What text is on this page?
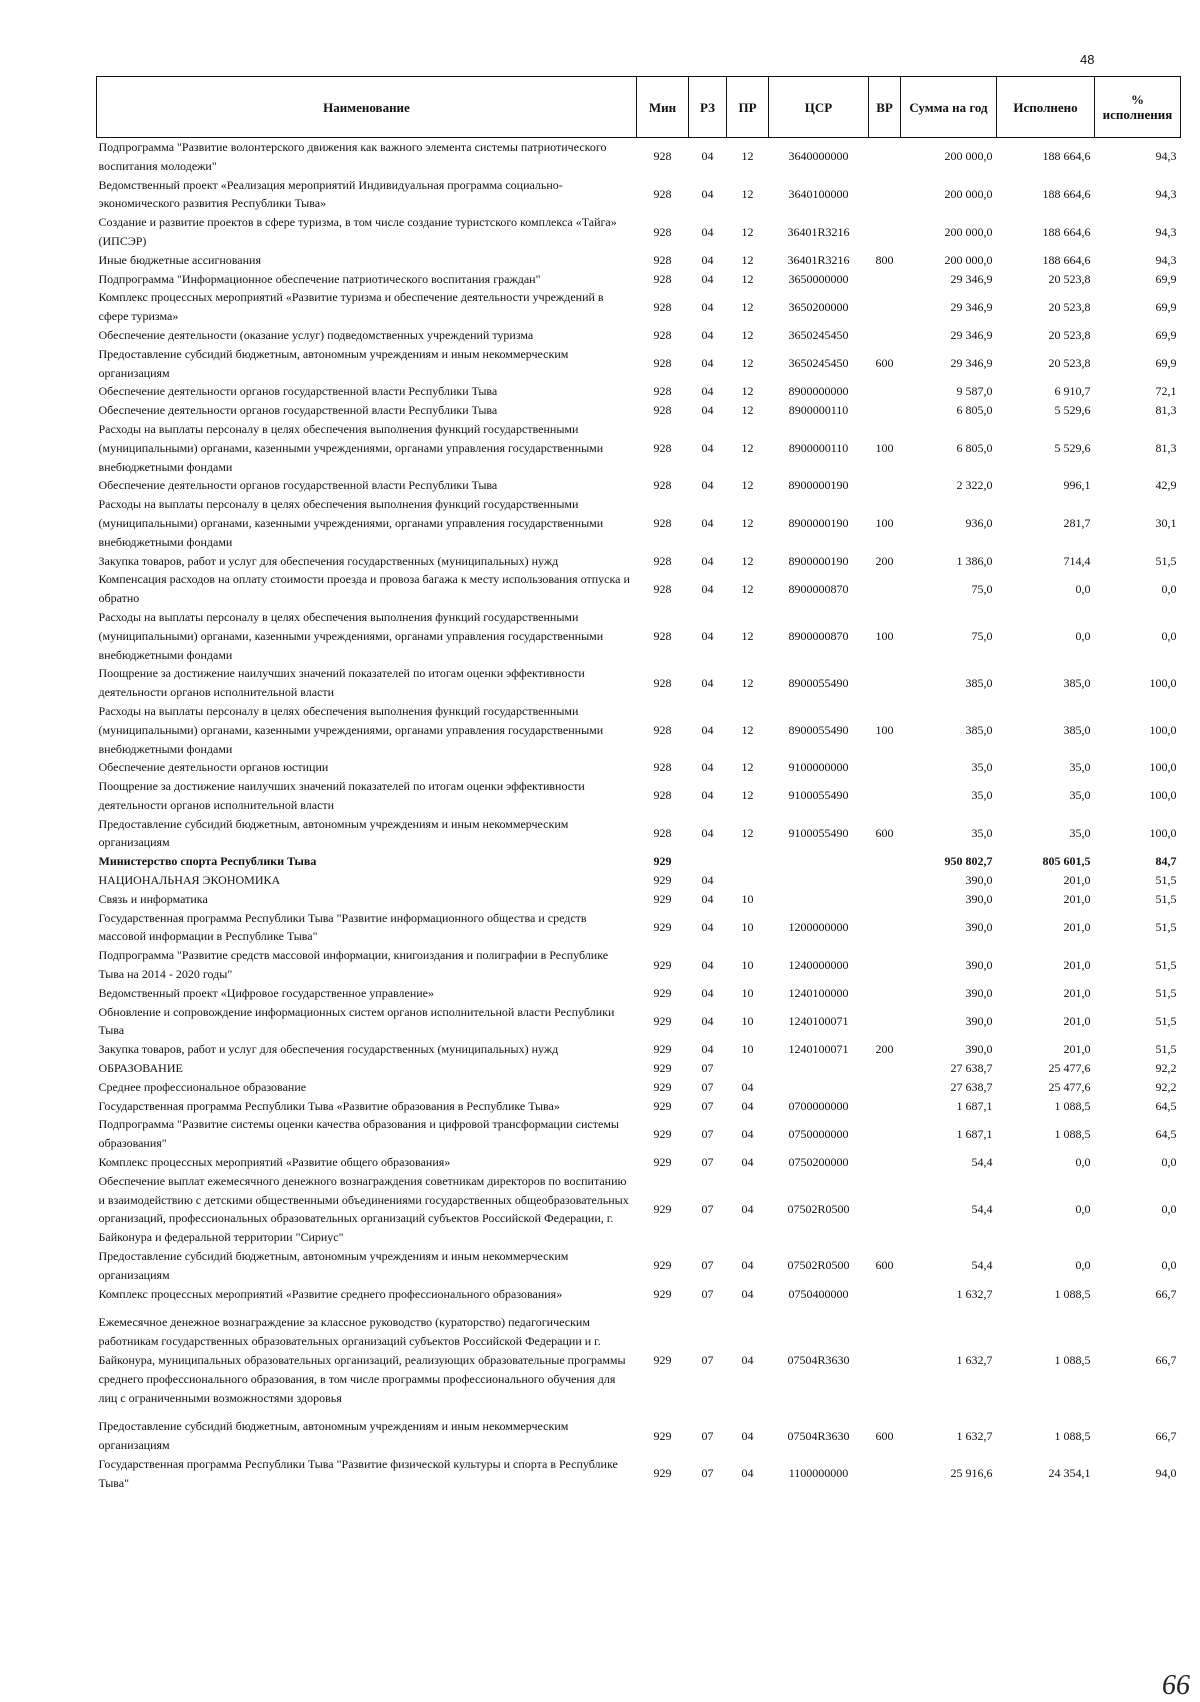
48
Наименование	Мин	РЗ	ПР	ЦСР	ВР	Сумма на год	Исполнено	% исполнения
Подпрограмма "Развитие волонтерского движения как важного элемента системы патриотического воспитания молодежи"	928	04	12	3640000000		200 000,0	188 664,6	94,3
Ведомственный проект «Реализация мероприятий Индивидуальная программа социально-экономического развития Республики Тыва»	928	04	12	3640100000		200 000,0	188 664,6	94,3
Создание и развитие проектов в сфере туризма, в том числе создание туристского комплекса «Тайга» (ИПСЭР)	928	04	12	36401R3216		200 000,0	188 664,6	94,3
Иные бюджетные ассигнования	928	04	12	36401R3216	800	200 000,0	188 664,6	94,3
Подпрограмма "Информационное обеспечение патриотического воспитания граждан"	928	04	12	3650000000		29 346,9	20 523,8	69,9
Комплекс процессных мероприятий «Развитие туризма и обеспечение деятельности учреждений в сфере туризма»	928	04	12	3650200000		29 346,9	20 523,8	69,9
Обеспечение деятельности (оказание услуг) подведомственных учреждений туризма	928	04	12	3650245450		29 346,9	20 523,8	69,9
Предоставление субсидий бюджетным, автономным учреждениям и иным некоммерческим организациям	928	04	12	3650245450	600	29 346,9	20 523,8	69,9
Обеспечение деятельности органов государственной власти Республики Тыва	928	04	12	8900000000		9 587,0	6 910,7	72,1
Обеспечение деятельности органов государственной власти Республики Тыва	928	04	12	8900000110		6 805,0	5 529,6	81,3
Расходы на выплаты персоналу в целях обеспечения выполнения функций государственными (муниципальными) органами, казенными учреждениями, органами управления государственными внебюджетными фондами	928	04	12	8900000110	100	6 805,0	5 529,6	81,3
Обеспечение деятельности органов государственной власти Республики Тыва	928	04	12	8900000190		2 322,0	996,1	42,9
Расходы на выплаты персоналу в целях обеспечения выполнения функций государственными (муниципальными) органами, казенными учреждениями, органами управления государственными внебюджетными фондами	928	04	12	8900000190	100	936,0	281,7	30,1
Закупка товаров, работ и услуг для обеспечения государственных (муниципальных) нужд	928	04	12	8900000190	200	1 386,0	714,4	51,5
Компенсация расходов на оплату стоимости проезда и провоза багажа к месту использования отпуска и обратно	928	04	12	8900000870		75,0	0,0	0,0
Расходы на выплаты персоналу в целях обеспечения выполнения функций государственными (муниципальными) органами, казенными учреждениями, органами управления государственными внебюджетными фондами	928	04	12	8900000870	100	75,0	0,0	0,0
Поощрение за достижение наилучших значений показателей по итогам оценки эффективности деятельности органов исполнительной власти	928	04	12	8900055490		385,0	385,0	100,0
Расходы на выплаты персоналу в целях обеспечения выполнения функций государственными (муниципальными) органами, казенными учреждениями, органами управления государственными внебюджетными фондами	928	04	12	8900055490	100	385,0	385,0	100,0
Обеспечение деятельности органов юстиции	928	04	12	9100000000		35,0	35,0	100,0
Поощрение за достижение наилучших значений показателей по итогам оценки эффективности деятельности органов исполнительной власти	928	04	12	9100055490		35,0	35,0	100,0
Предоставление субсидий бюджетным, автономным учреждениям и иным некоммерческим организациям	928	04	12	9100055490	600	35,0	35,0	100,0
Министерство спорта Республики Тыва	929					950 802,7	805 601,5	84,7
НАЦИОНАЛЬНАЯ ЭКОНОМИКА	929	04				390,0	201,0	51,5
Связь и информатика	929	04	10			390,0	201,0	51,5
Государственная программа Республики Тыва "Развитие информационного общества и средств массовой информации в Республике Тыва"	929	04	10	1200000000		390,0	201,0	51,5
Подпрограмма "Развитие средств массовой информации, книгоиздания и полиграфии в Республике Тыва на 2014 - 2020 годы"	929	04	10	1240000000		390,0	201,0	51,5
Ведомственный проект «Цифровое государственное управление»	929	04	10	1240100000		390,0	201,0	51,5
Обновление и сопровождение информационных систем органов исполнительной власти Республики Тыва	929	04	10	1240100071		390,0	201,0	51,5
Закупка товаров, работ и услуг для обеспечения государственных (муниципальных) нужд	929	04	10	1240100071	200	390,0	201,0	51,5
ОБРАЗОВАНИЕ	929	07				27 638,7	25 477,6	92,2
Среднее профессиональное образование	929	07	04			27 638,7	25 477,6	92,2
Государственная программа Республики Тыва «Развитие образования в Республике Тыва»	929	07	04	0700000000		1 687,1	1 088,5	64,5
Подпрограмма "Развитие системы оценки качества образования и цифровой трансформации системы образования"	929	07	04	0750000000		1 687,1	1 088,5	64,5
Комплекс процессных мероприятий «Развитие общего образования»	929	07	04	0750200000		54,4	0,0	0,0
Обеспечение выплат ежемесячного денежного вознаграждения советникам директоров по воспитанию и взаимодействию с детскими общественными объединениями государственных общеобразовательных организаций, профессиональных образовательных организаций субъектов Российской Федерации, г. Байконура и федеральной территории "Сириус"	929	07	04	07502R0500		54,4	0,0	0,0
Предоставление субсидий бюджетным, автономным учреждениям и иным некоммерческим организациям	929	07	04	07502R0500	600	54,4	0,0	0,0
Комплекс процессных мероприятий «Развитие среднего профессионального образования»	929	07	04	0750400000		1 632,7	1 088,5	66,7
Ежемесячное денежное вознаграждение за классное руководство (кураторство) педагогическим работникам государственных образовательных организаций субъектов Российской Федерации и г. Байконура, муниципальных образовательных организаций, реализующих образовательные программы среднего профессионального образования, в том числе программы профессионального обучения для лиц с ограниченными возможностями здоровья	929	07	04	07504R3630		1 632,7	1 088,5	66,7
Предоставление субсидий бюджетным, автономным учреждениям и иным некоммерческим организациям	929	07	04	07504R3630	600	1 632,7	1 088,5	66,7
Государственная программа Республики Тыва "Развитие физической культуры и спорта в Республике Тыва"	929	07	04	1100000000		25 916,6	24 354,1	94,0
66
